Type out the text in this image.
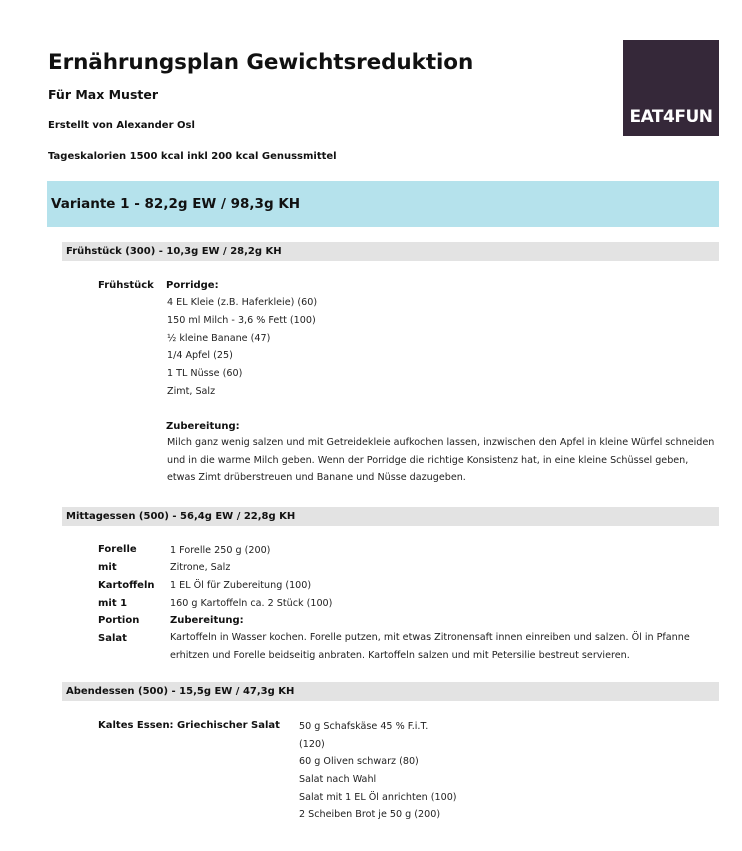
Ernährungsplan Gewichtsreduktion
Für Max Muster
Erstellt von Alexander Osl
Tageskalorien 1500 kcal inkl 200 kcal Genussmittel
EAT4FUN
Variante 1 - 82,2g EW / 98,3g KH
Frühstück (300) - 10,3g EW / 28,2g KH
Frühstück Porridge:
4 EL Kleie (z.B. Haferkleie) (60)
150 ml Milch - 3,6 % Fett (100)
½ kleine Banane (47)
1/4 Apfel (25)
1 TL Nüsse (60)
Zimt, Salz
Zubereitung:
Milch ganz wenig salzen und mit Getreidekleie aufkochen lassen, inzwischen den Apfel in kleine Würfel schneiden und in die warme Milch geben. Wenn der Porridge die richtige Konsistenz hat, in eine kleine Schüssel geben, etwas Zimt drüberstreuen und Banane und Nüsse dazugeben.
Mittagessen (500) - 56,4g EW / 22,8g KH
Forelle
mit
Kartoffeln
mit 1
Portion
Salat
1 Forelle 250 g (200)
Zitrone, Salz
1 EL Öl für Zubereitung (100)
160 g Kartoffeln ca. 2 Stück (100)
Zubereitung:
Kartoffeln in Wasser kochen. Forelle putzen, mit etwas Zitronensaft innen einreiben und salzen. Öl in Pfanne erhitzen und Forelle beidseitig anbraten. Kartoffeln salzen und mit Petersilie bestreut servieren.
Abendessen (500) - 15,5g EW / 47,3g KH
Kaltes Essen: Griechischer Salat 50 g Schafskäse 45 % F.i.T.
(120)
60 g Oliven schwarz (80)
Salat nach Wahl
Salat mit 1 EL Öl anrichten (100)
2 Scheiben Brot je 50 g (200)
